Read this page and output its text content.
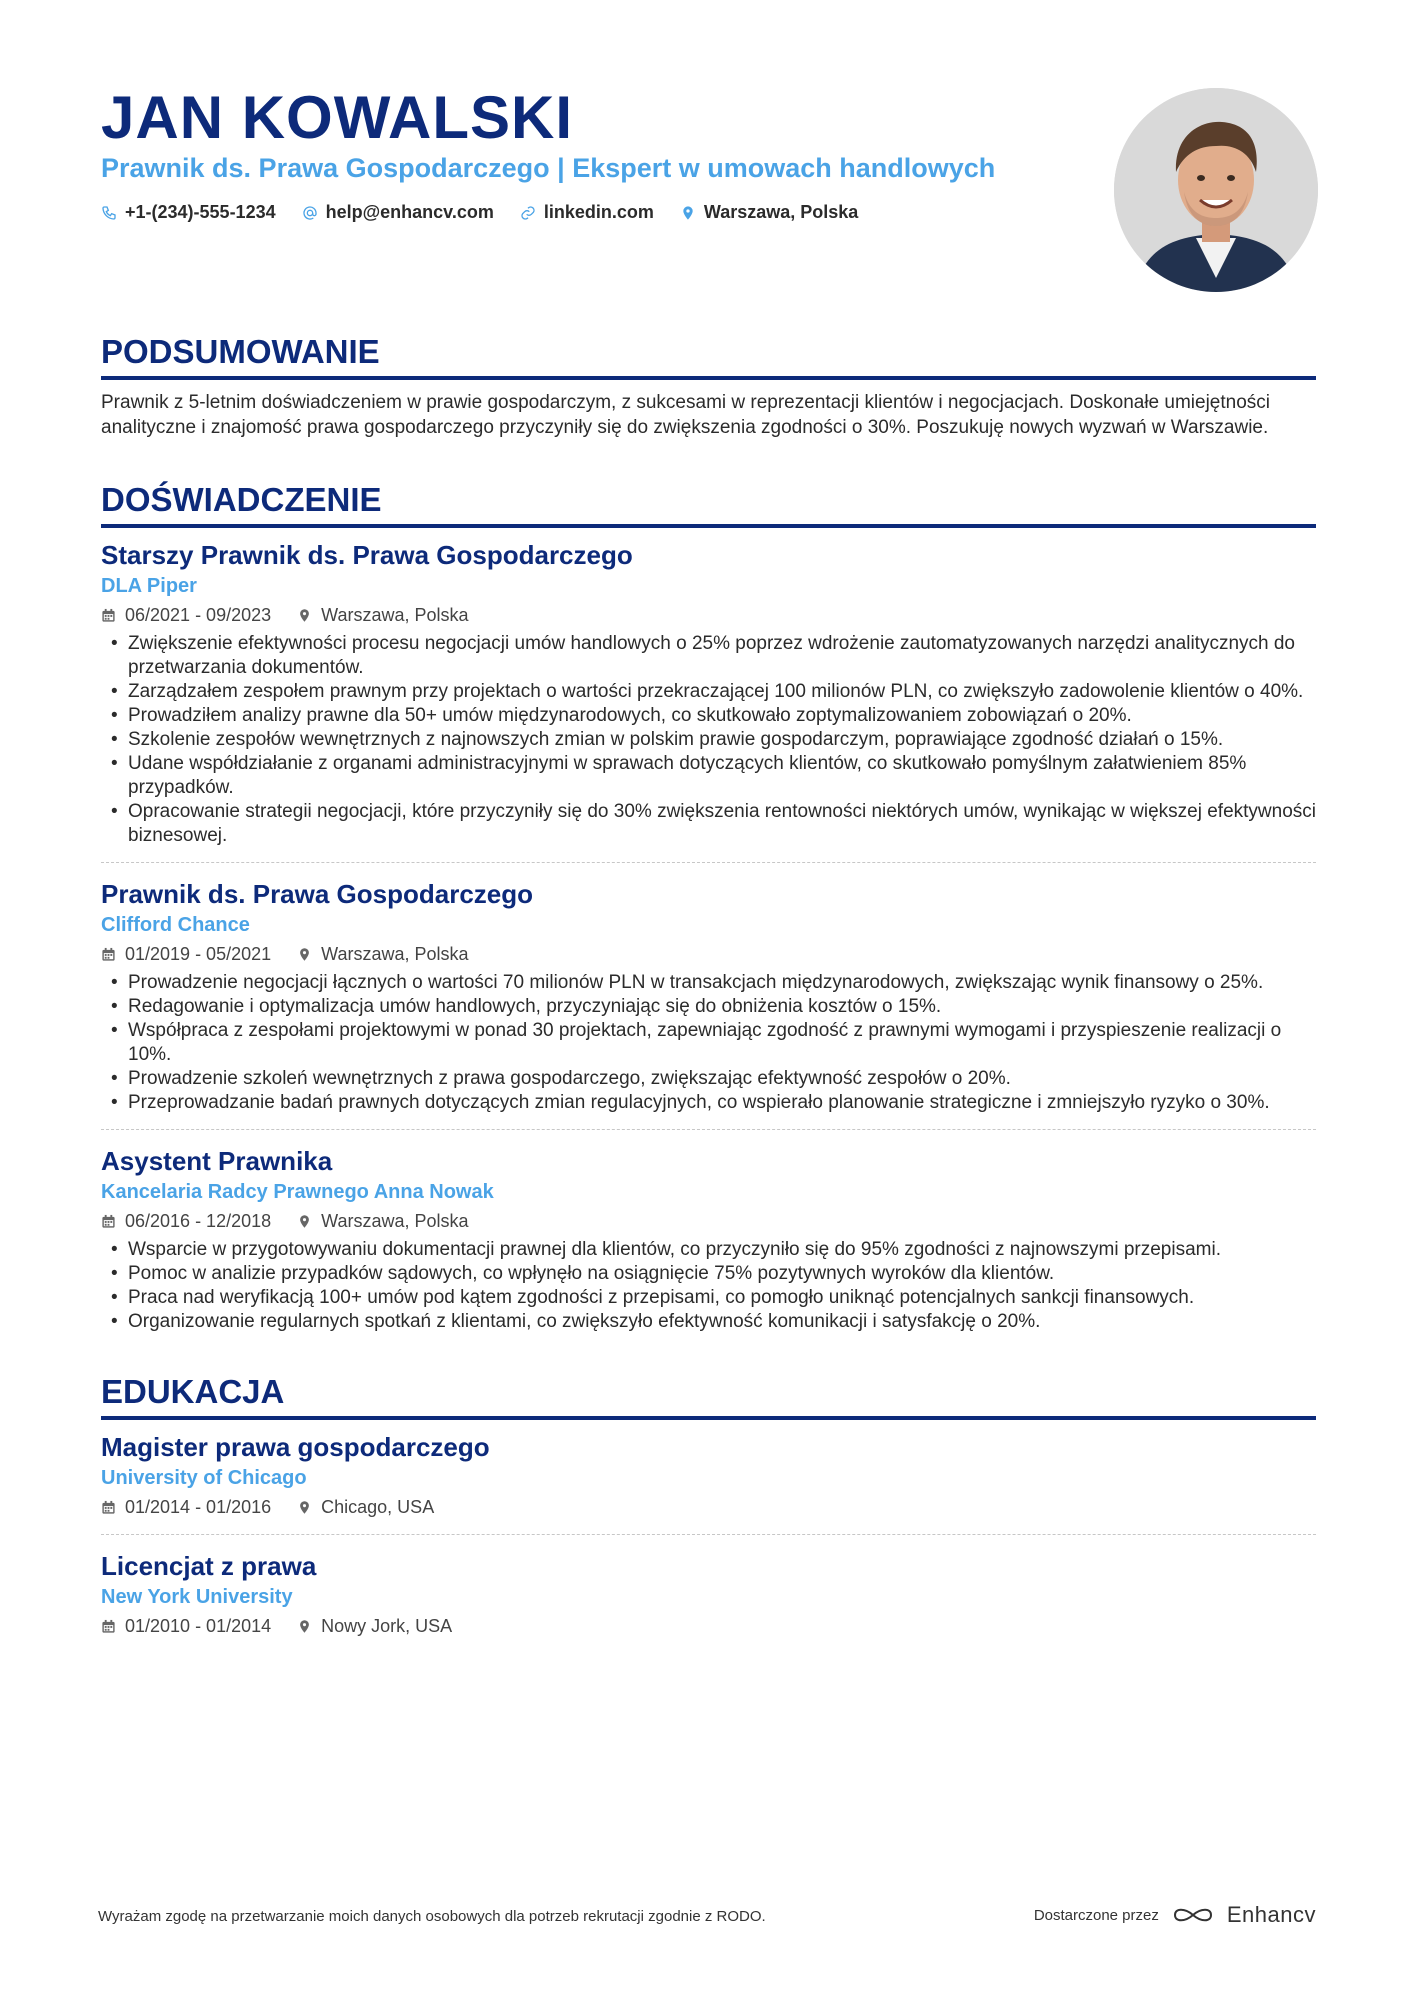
JAN KOWALSKI
Prawnik ds. Prawa Gospodarczego | Ekspert w umowach handlowych
+1-(234)-555-1234	help@enhancv.com	linkedin.com	Warszawa, Polska
PODSUMOWANIE
Prawnik z 5-letnim doświadczeniem w prawie gospodarczym, z sukcesami w reprezentacji klientów i negocjacjach. Doskonałe umiejętności analityczne i znajomość prawa gospodarczego przyczyniły się do zwiększenia zgodności o 30%. Poszukuję nowych wyzwań w Warszawie.
DOŚWIADCZENIE
Starszy Prawnik ds. Prawa Gospodarczego
DLA Piper
06/2021 - 09/2023	Warszawa, Polska
• Zwiększenie efektywności procesu negocjacji umów handlowych o 25% poprzez wdrożenie zautomatyzowanych narzędzi analitycznych do przetwarzania dokumentów.
• Zarządzałem zespołem prawnym przy projektach o wartości przekraczającej 100 milionów PLN, co zwiększyło zadowolenie klientów o 40%.
• Prowadziłem analizy prawne dla 50+ umów międzynarodowych, co skutkowało zoptymalizowaniem zobowiązań o 20%.
• Szkolenie zespołów wewnętrznych z najnowszych zmian w polskim prawie gospodarczym, poprawiające zgodność działań o 15%.
• Udane współdziałanie z organami administracyjnymi w sprawach dotyczących klientów, co skutkowało pomyślnym załatwieniem 85% przypadków.
• Opracowanie strategii negocjacji, które przyczyniły się do 30% zwiększenia rentowności niektórych umów, wynikając w większej efektywności biznesowej.
Prawnik ds. Prawa Gospodarczego
Clifford Chance
01/2019 - 05/2021	Warszawa, Polska
• Prowadzenie negocjacji łącznych o wartości 70 milionów PLN w transakcjach międzynarodowych, zwiększając wynik finansowy o 25%.
• Redagowanie i optymalizacja umów handlowych, przyczyniając się do obniżenia kosztów o 15%.
• Współpraca z zespołami projektowymi w ponad 30 projektach, zapewniając zgodność z prawnymi wymogami i przyspieszenie realizacji o 10%.
• Prowadzenie szkoleń wewnętrznych z prawa gospodarczego, zwiększając efektywność zespołów o 20%.
• Przeprowadzanie badań prawnych dotyczących zmian regulacyjnych, co wspierało planowanie strategiczne i zmniejszyło ryzyko o 30%.
Asystent Prawnika
Kancelaria Radcy Prawnego Anna Nowak
06/2016 - 12/2018	Warszawa, Polska
• Wsparcie w przygotowywaniu dokumentacji prawnej dla klientów, co przyczyniło się do 95% zgodności z najnowszymi przepisami.
• Pomoc w analizie przypadków sądowych, co wpłynęło na osiągnięcie 75% pozytywnych wyroków dla klientów.
• Praca nad weryfikacją 100+ umów pod kątem zgodności z przepisami, co pomogło uniknąć potencjalnych sankcji finansowych.
• Organizowanie regularnych spotkań z klientami, co zwiększyło efektywność komunikacji i satysfakcję o 20%.
EDUKACJA
Magister prawa gospodarczego
University of Chicago
01/2014 - 01/2016	Chicago, USA
Licencjat z prawa
New York University
01/2010 - 01/2014	Nowy Jork, USA
Wyrażam zgodę na przetwarzanie moich danych osobowych dla potrzeb rekrutacji zgodnie z RODO.	Dostarczone przez	Enhancv
